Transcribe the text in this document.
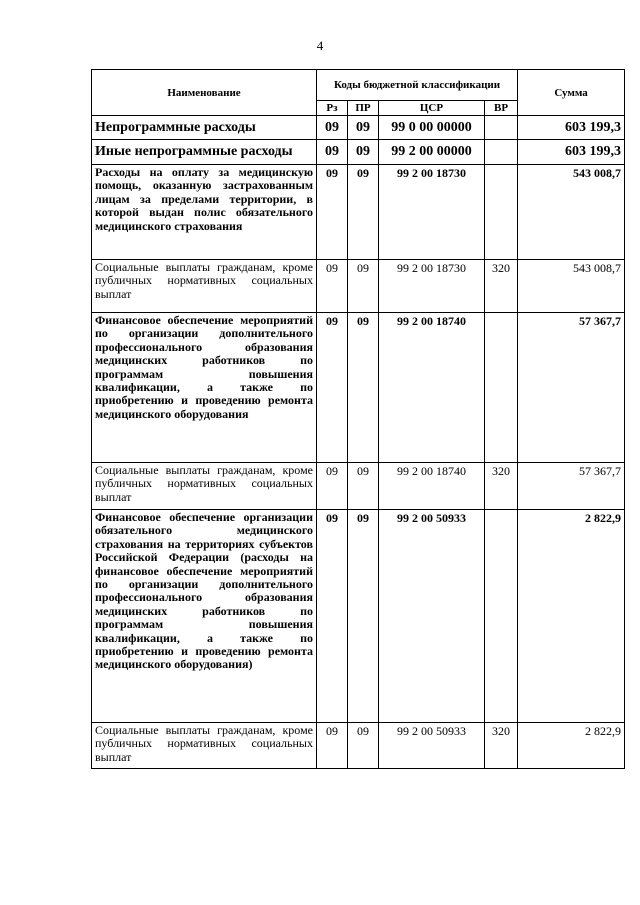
4
Наименование	Коды бюджетной классификации				Сумма
	Рз	ПР	ЦСР	ВР	
Непрограммные расходы	09	09	99 0 00 00000		603 199,3
Иные непрограммные расходы	09	09	99 2 00 00000		603 199,3
Расходы на оплату за медицинскую помощь, оказанную застрахованным лицам за пределами территории, в которой выдан полис обязательного медицинского страхования	09	09	99 2 00 18730		543 008,7
Социальные выплаты гражданам, кроме публичных нормативных социальных выплат	09	09	99 2 00 18730	320	543 008,7
Финансовое обеспечение мероприятий по организации дополнительного профессионального образования медицинских работников по программам повышения квалификации, а также по приобретению и проведению ремонта медицинского оборудования	09	09	99 2 00 18740		57 367,7
Социальные выплаты гражданам, кроме публичных нормативных социальных выплат	09	09	99 2 00 18740	320	57 367,7
Финансовое обеспечение организации обязательного медицинского страхования на территориях субъектов Российской Федерации (расходы на финансовое обеспечение мероприятий по организации дополнительного профессионального образования медицинских работников по программам повышения квалификации, а также по приобретению и проведению ремонта медицинского оборудования)	09	09	99 2 00 50933		2 822,9
Социальные выплаты гражданам, кроме публичных нормативных социальных выплат	09	09	99 2 00 50933	320	2 822,9
